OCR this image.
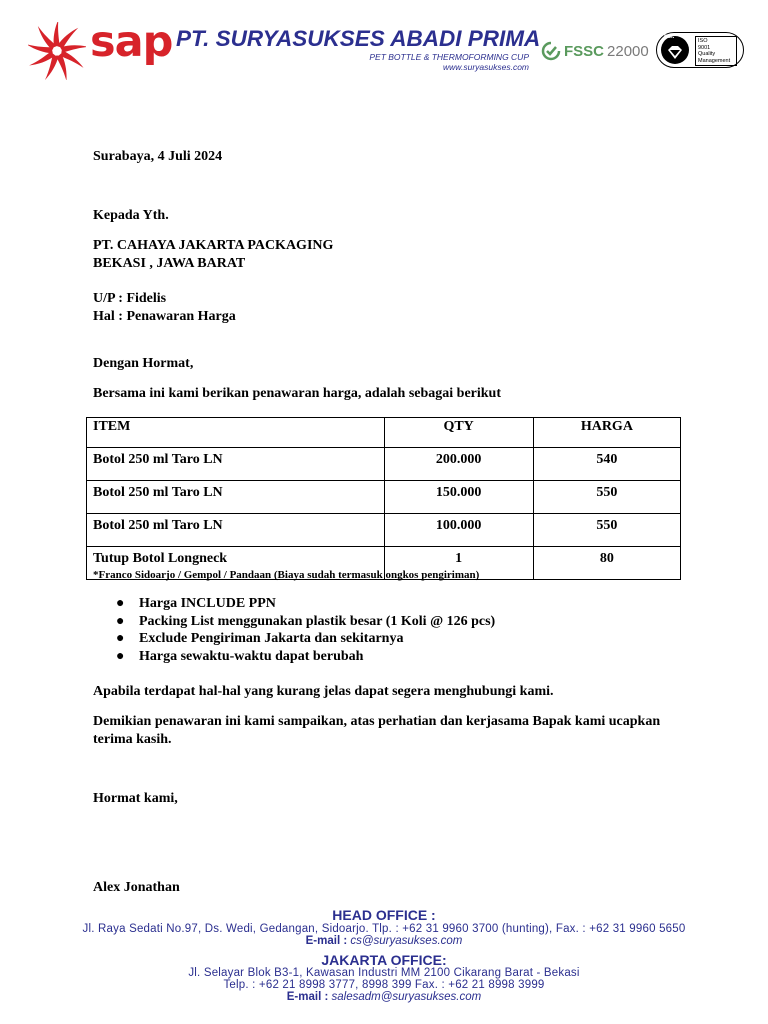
sap PT. SURYASUKSES ABADI PRIMA
PET BOTTLE & THERMOFORMING CUP
www.suryasukses.com
FSSC 22000
bsi.
ISO
9001
Quality
Management
Surabaya, 4 Juli 2024
Kepada Yth.
PT. CAHAYA JAKARTA PACKAGING
BEKASI , JAWA BARAT
U/P : Fidelis
Hal : Penawaran Harga
Dengan Hormat,
Bersama ini kami berikan penawaran harga, adalah sebagai berikut
ITEM	QTY	HARGA
Botol 250 ml Taro LN	200.000	540
Botol 250 ml Taro LN	150.000	550
Botol 250 ml Taro LN	100.000	550
Tutup Botol Longneck	1	80
*Franco Sidoarjo / Gempol / Pandaan (Biaya sudah termasuk ongkos pengiriman)
● Harga INCLUDE PPN
● Packing List menggunakan plastik besar (1 Koli @ 126 pcs)
● Exclude Pengiriman Jakarta dan sekitarnya
● Harga sewaktu-waktu dapat berubah
Apabila terdapat hal-hal yang kurang jelas dapat segera menghubungi kami.
Demikian penawaran ini kami sampaikan, atas perhatian dan kerjasama Bapak kami ucapkan
terima kasih.
Hormat kami,
Alex Jonathan
HEAD OFFICE :
Jl. Raya Sedati No.97, Ds. Wedi, Gedangan, Sidoarjo. Tlp. : +62 31 9960 3700 (hunting), Fax. : +62 31 9960 5650
E-mail : cs@suryasukses.com
JAKARTA OFFICE:
Jl. Selayar Blok B3-1, Kawasan Industri MM 2100 Cikarang Barat - Bekasi
Telp. : +62 21 8998 3777, 8998 399 Fax. : +62 21 8998 3999
E-mail : salesadm@suryasukses.com
